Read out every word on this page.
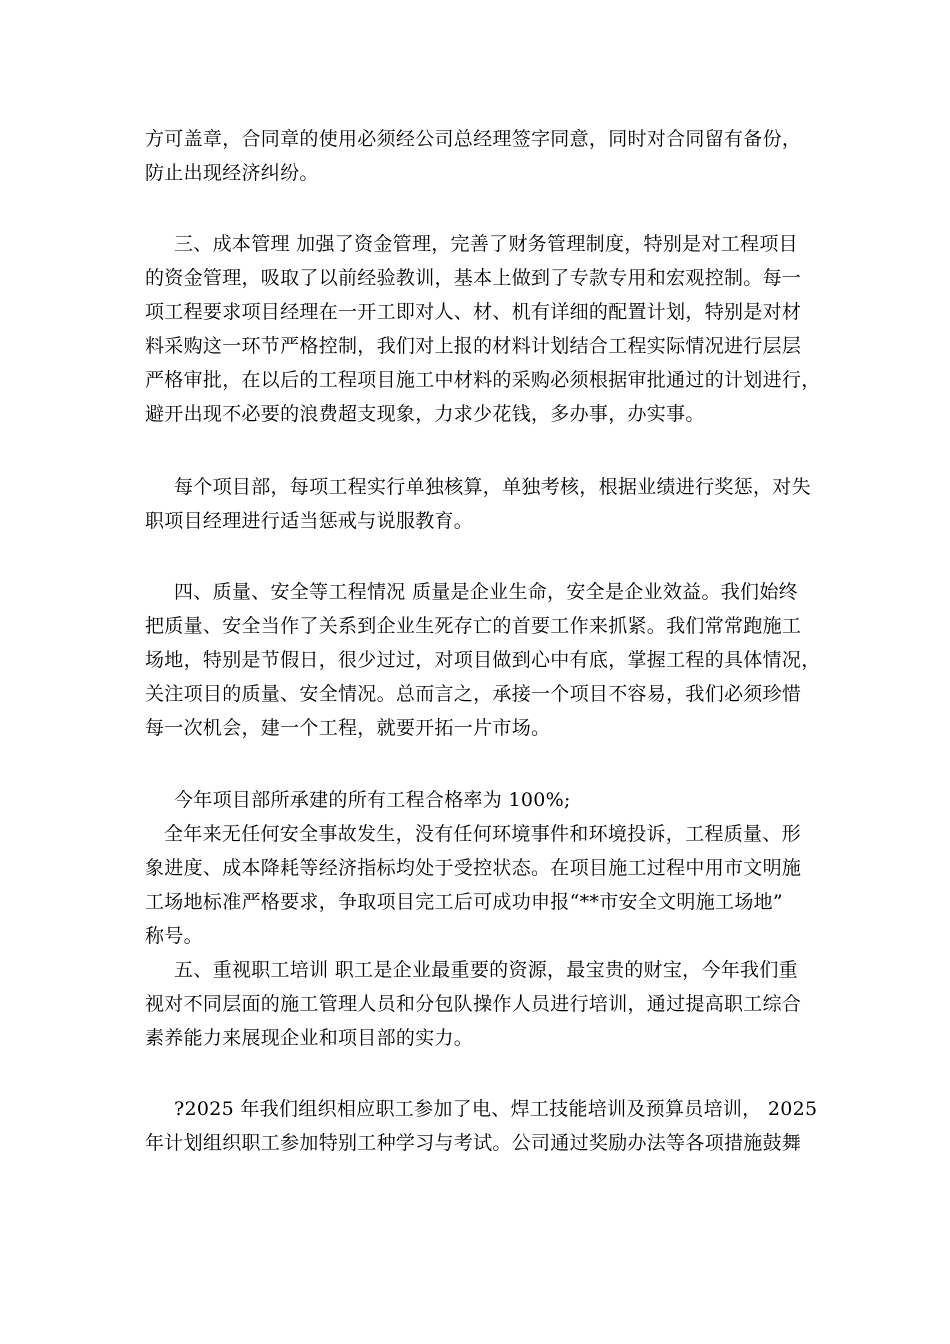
方可盖章，合同章的使用必须经公司总经理签字同意，同时对合同留有备份，
防止出现经济纠纷。
三、成本管理 加强了资金管理，完善了财务管理制度，特别是对工程项目
的资金管理，吸取了以前经验教训，基本上做到了专款专用和宏观控制。每一
项工程要求项目经理在一开工即对人、材、机有详细的配置计划，特别是对材
料采购这一环节严格控制，我们对上报的材料计划结合工程实际情况进行层层
严格审批，在以后的工程项目施工中材料的采购必须根据审批通过的计划进行，
避开出现不必要的浪费超支现象，力求少花钱，多办事，办实事。
每个项目部，每项工程实行单独核算，单独考核，根据业绩进行奖惩，对失
职项目经理进行适当惩戒与说服教育。
四、质量、安全等工程情况 质量是企业生命，安全是企业效益。我们始终
把质量、安全当作了关系到企业生死存亡的首要工作来抓紧。我们常常跑施工
场地，特别是节假日，很少过过，对项目做到心中有底，掌握工程的具体情况，
关注项目的质量、安全情况。总而言之，承接一个项目不容易，我们必须珍惜
每一次机会，建一个工程，就要开拓一片市场。
今年项目部所承建的所有工程合格率为 100%;
全年来无任何安全事故发生，没有任何环境事件和环境投诉，工程质量、形
象进度、成本降耗等经济指标均处于受控状态。在项目施工过程中用市文明施
工场地标准严格要求，争取项目完工后可成功申报“**市安全文明施工场地”
称号。
五、重视职工培训 职工是企业最重要的资源，最宝贵的财宝，今年我们重
视对不同层面的施工管理人员和分包队操作人员进行培训，通过提高职工综合
素养能力来展现企业和项目部的实力。
?2025 年我们组织相应职工参加了电、焊工技能培训及预算员培训， 2025
年计划组织职工参加特别工种学习与考试。公司通过奖励办法等各项措施鼓舞
